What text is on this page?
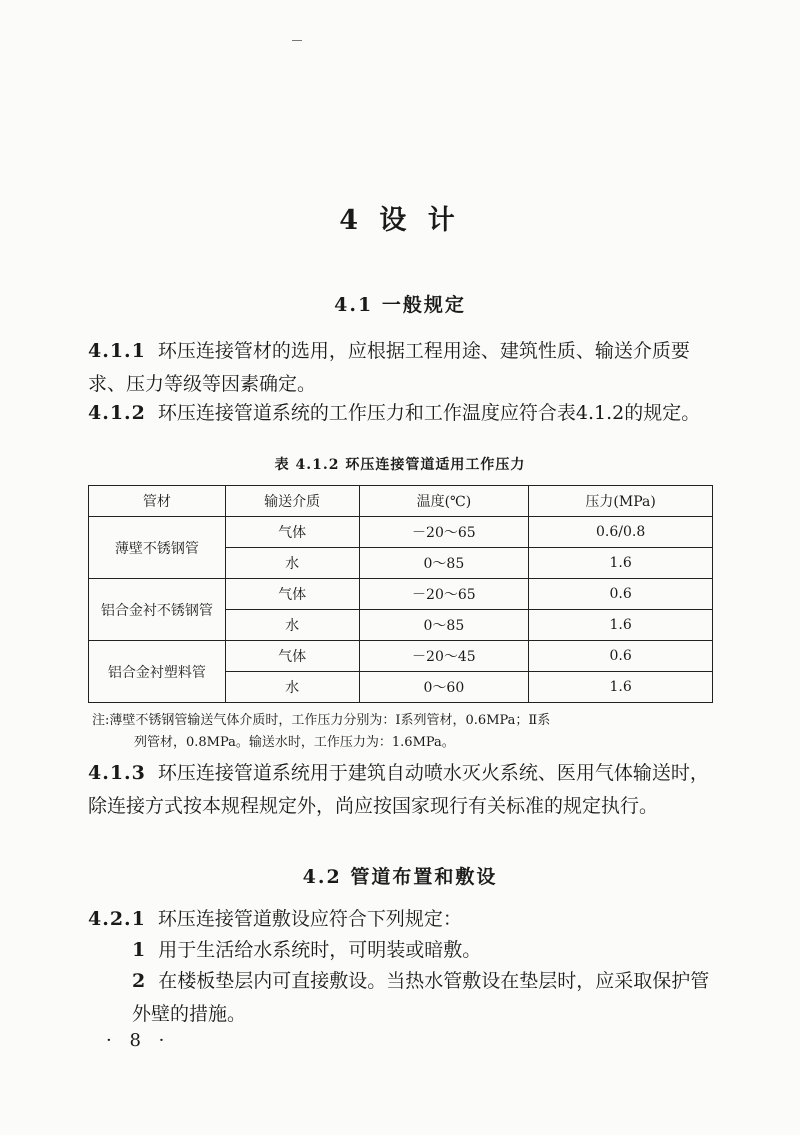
4 设 计
4.1 一般规定
4.1.1 环压连接管材的选用，应根据工程用途、建筑性质、输送介质要求、压力等级等因素确定。
4.1.2 环压连接管道系统的工作压力和工作温度应符合表4.1.2的规定。
表 4.1.2 环压连接管道适用工作压力
管材	输送介质	温度(℃)	压力(MPa)
薄壁不锈钢管	气体	－20～65	0.6/0.8
	水	0～85	1.6
铝合金衬不锈钢管	气体	－20～65	0.6
	水	0～85	1.6
铝合金衬塑料管	气体	－20～45	0.6
	水	0～60	1.6
注:薄壁不锈钢管输送气体介质时，工作压力分别为：Ⅰ系列管材，0.6MPa；Ⅱ系
列管材，0.8MPa。输送水时，工作压力为：1.6MPa。
4.1.3 环压连接管道系统用于建筑自动喷水灭火系统、医用气体输送时，除连接方式按本规程规定外，尚应按国家现行有关标准的规定执行。
4.2 管道布置和敷设
4.2.1 环压连接管道敷设应符合下列规定：
1 用于生活给水系统时，可明装或暗敷。
2 在楼板垫层内可直接敷设。当热水管敷设在垫层时，应采取保护管外壁的措施。
· 8 ·
